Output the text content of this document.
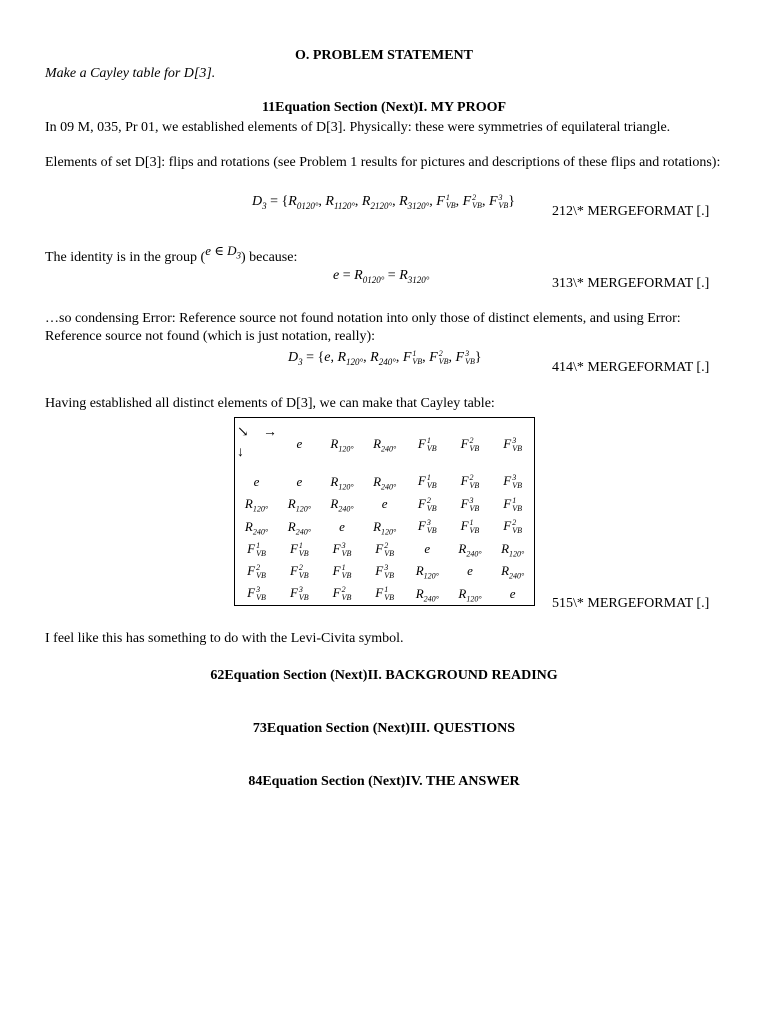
O. PROBLEM STATEMENT
Make a Cayley table for D[3].
11Equation Section (Next)I. MY PROOF
In 09 M, 035, Pr 01, we established elements of D[3]. Physically: these were symmetries of equilateral triangle.
Elements of set D[3]: flips and rotations (see Problem 1 results for pictures and descriptions of these flips and rotations):
$D_3 = \{R_{0120^\circ}$, $R_{1120^\circ}$, $R_{2120^\circ}$, $R_{3120^\circ}$, F 1
VB , F 2
VB , F 3
VB }
212\* MERGEFORMAT [.]
The identity is in the group (e ∈ $D_3$) because:
$e = R_{0120^\circ} = R_{3120^\circ}$	313\* MERGEFORMAT [.]
…so condensing Error: Reference source not found notation into only those of distinct elements, and using Error: Reference source not found (which is just notation, really):
$D_3 = \{e$, $R_{120^\circ}$, $R_{240^\circ}$, F 1
VB , F 2
VB , F 3
VB }
414\* MERGEFORMAT [.]
Having established all distinct elements of D[3], we can make that Cayley table:
↘ →
↓	e	$R_{120^\circ}$	$R_{240^\circ}$	F 1
VB	F 2
VB	F 3
VB

e	e	$R_{120^\circ}$	$R_{240^\circ}$	F 1
VB	F 2
VB	F 3
VB

$R_{120^\circ}$	$R_{120^\circ}$	$R_{240^\circ}$	e	F 2
VB	F 3
VB	F 1
VB

$R_{240^\circ}$	$R_{240^\circ}$	e	$R_{120^\circ}$	F 3
VB	F 1
VB	F 2
VB

F 1
VB	F 1
VB	F 3
VB	F 2
VB	e	$R_{240^\circ}$	$R_{120^\circ}$
F 2
VB	F 2
VB	F 1
VB	F 3
VB	$R_{120^\circ}$	e	$R_{240^\circ}$
F 3
VB	F 3
VB	F 2
VB	F 1
VB	$R_{240^\circ}$	$R_{120^\circ}$	e
515\* MERGEFORMAT [.]
I feel like this has something to do with the Levi-Civita symbol.
62Equation Section (Next)II. BACKGROUND READING
73Equation Section (Next)III. QUESTIONS
84Equation Section (Next)IV. THE ANSWER
